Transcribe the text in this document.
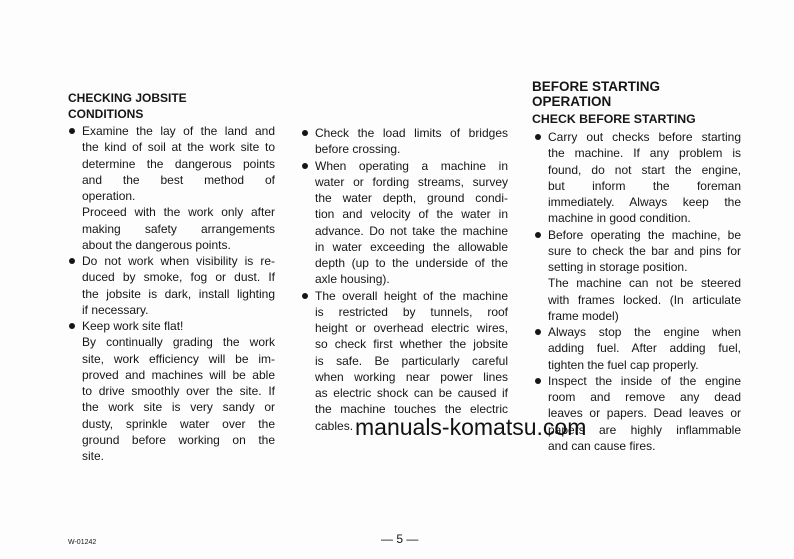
CHECKING JOBSITE
CONDITIONS
Examine the lay of the land and
the kind of soil at the work site to
determine the dangerous points
and the best method of
operation.
Proceed with the work only after
making safety arrangements
about the dangerous points.
Do not work when visibility is re-
duced by smoke, fog or dust. If
the jobsite is dark, install lighting
if necessary.
Keep work site flat!
By continually grading the work
site, work efficiency will be im-
proved and machines will be able
to drive smoothly over the site. If
the work site is very sandy or
dusty, sprinkle water over the
ground before working on the
site.
Check the load limits of bridges
before crossing.
When operating a machine in
water or fording streams, survey
the water depth, ground condi-
tion and velocity of the water in
advance. Do not take the machine
in water exceeding the allowable
depth (up to the underside of the
axle housing).
The overall height of the machine
is restricted by tunnels, roof
height or overhead electric wires,
so check first whether the jobsite
is safe. Be particularly careful
when working near power lines
as electric shock can be caused if
the machine touches the electric
cables.
BEFORE STARTING
OPERATION
CHECK BEFORE STARTING
Carry out checks before starting
the machine. If any problem is
found, do not start the engine,
but inform the foreman
immediately. Always keep the
machine in good condition.
Before operating the machine, be
sure to check the bar and pins for
setting in storage position.
The machine can not be steered
with frames locked. (In articulate
frame model)
Always stop the engine when
adding fuel. After adding fuel,
tighten the fuel cap properly.
Inspect the inside of the engine
room and remove any dead
leaves or papers. Dead leaves or
papers are highly inflammable
and can cause fires.
manuals-komatsu.com
W-01242	— 5 —
